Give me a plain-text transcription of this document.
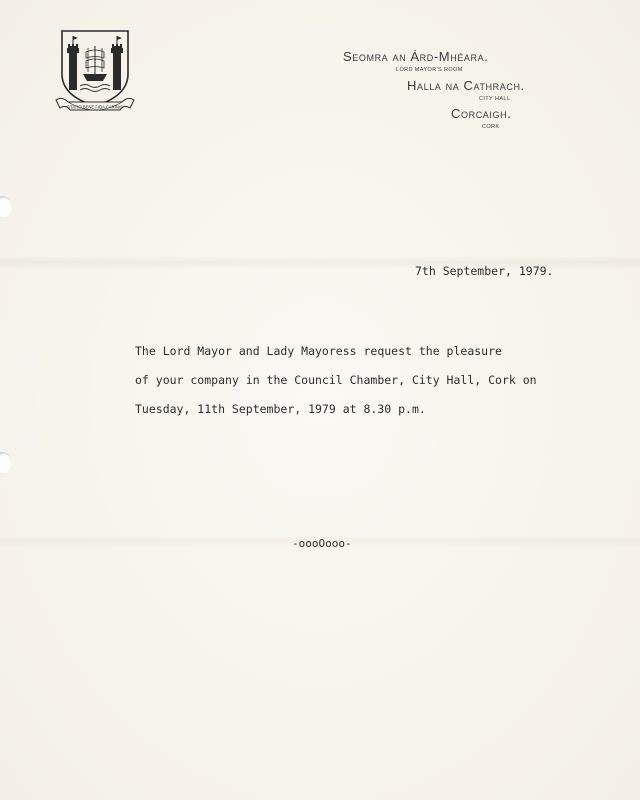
STATIO BENE FIDA CARINIS
Seomra an Árd-Mhéara.
LORD MAYOR'S ROOM
Halla na Cathrach.
CITY HALL
Corcaigh.
CORK
7th September, 1979.

The Lord Mayor and Lady Mayoress request the pleasure

of your company in the Council Chamber, City Hall, Cork on

Tuesday, 11th September, 1979 at 8.30 p.m.

-oooOooo-
